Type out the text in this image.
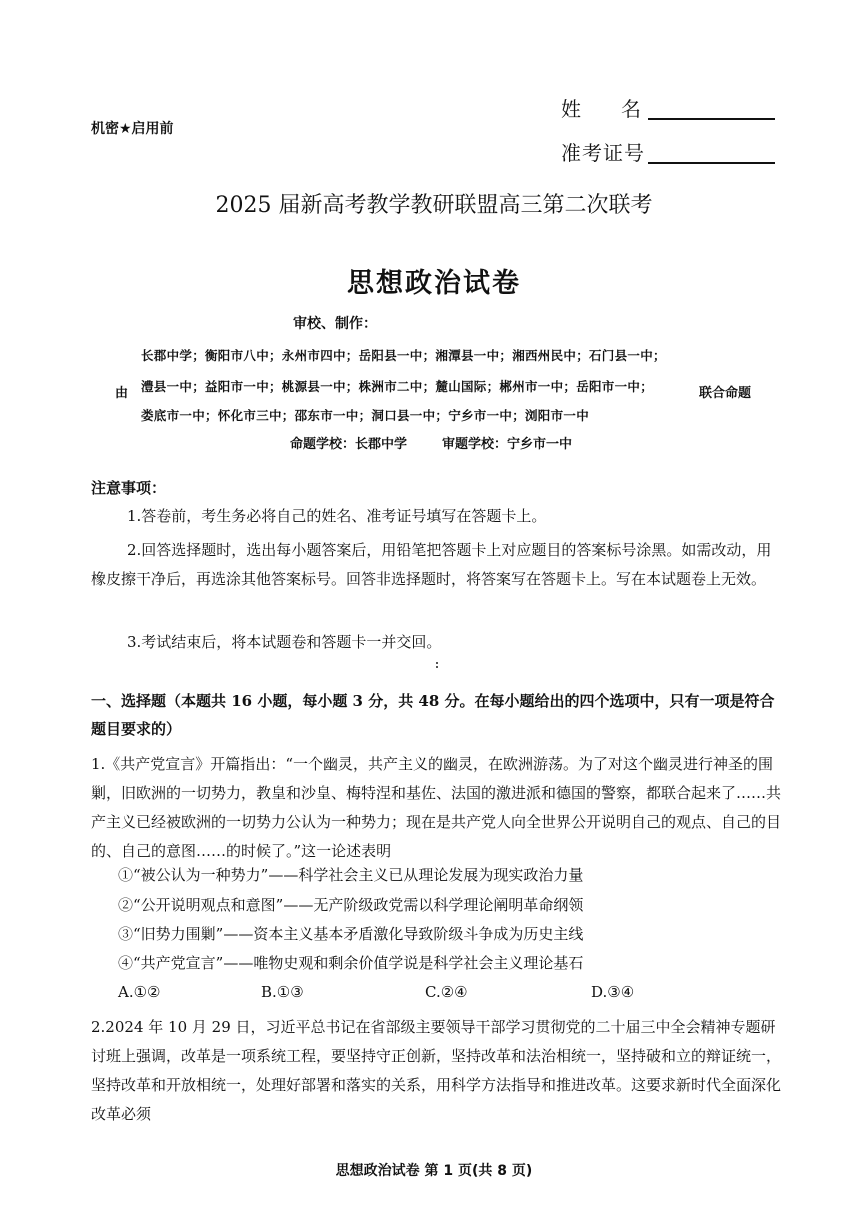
机密★启用前
姓　　名
准考证号
2025 届新高考教学教研联盟高三第二次联考
思想政治试卷
审校、制作：
由
长郡中学；衡阳市八中；永州市四中；岳阳县一中；湘潭县一中；湘西州民中；石门县一中；
澧县一中；益阳市一中；桃源县一中；株洲市二中；麓山国际；郴州市一中；岳阳市一中；
娄底市一中；怀化市三中；邵东市一中；洞口县一中；宁乡市一中；浏阳市一中
联合命题
命题学校：长郡中学	审题学校：宁乡市一中
注意事项：
1.答卷前，考生务必将自己的姓名、准考证号填写在答题卡上。
2.回答选择题时，选出每小题答案后，用铅笔把答题卡上对应题目的答案标号涂黑。如需改动，用橡皮擦干净后，再选涂其他答案标号。回答非选择题时，将答案写在答题卡上。写在本试题卷上无效。
3.考试结束后，将本试题卷和答题卡一并交回。
一、选择题（本题共 16 小题，每小题 3 分，共 48 分。在每小题给出的四个选项中，只有一项是符合题目要求的）
1.《共产党宣言》开篇指出：“一个幽灵，共产主义的幽灵，在欧洲游荡。为了对这个幽灵进行神圣的围剿，旧欧洲的一切势力，教皇和沙皇、梅特涅和基佐、法国的激进派和德国的警察，都联合起来了……共产主义已经被欧洲的一切势力公认为一种势力；现在是共产党人向全世界公开说明自己的观点、自己的目的、自己的意图……的时候了。”这一论述表明
①“被公认为一种势力”——科学社会主义已从理论发展为现实政治力量
②“公开说明观点和意图”——无产阶级政党需以科学理论阐明革命纲领
③“旧势力围剿”——资本主义基本矛盾激化导致阶级斗争成为历史主线
④“共产党宣言”——唯物史观和剩余价值学说是科学社会主义理论基石
A.①②	B.①③	C.②④	D.③④
2.2024 年 10 月 29 日，习近平总书记在省部级主要领导干部学习贯彻党的二十届三中全会精神专题研讨班上强调，改革是一项系统工程，要坚持守正创新，坚持改革和法治相统一，坚持破和立的辩证统一，坚持改革和开放相统一，处理好部署和落实的关系，用科学方法指导和推进改革。这要求新时代全面深化改革必须
思想政治试卷 第 1 页(共 8 页)
